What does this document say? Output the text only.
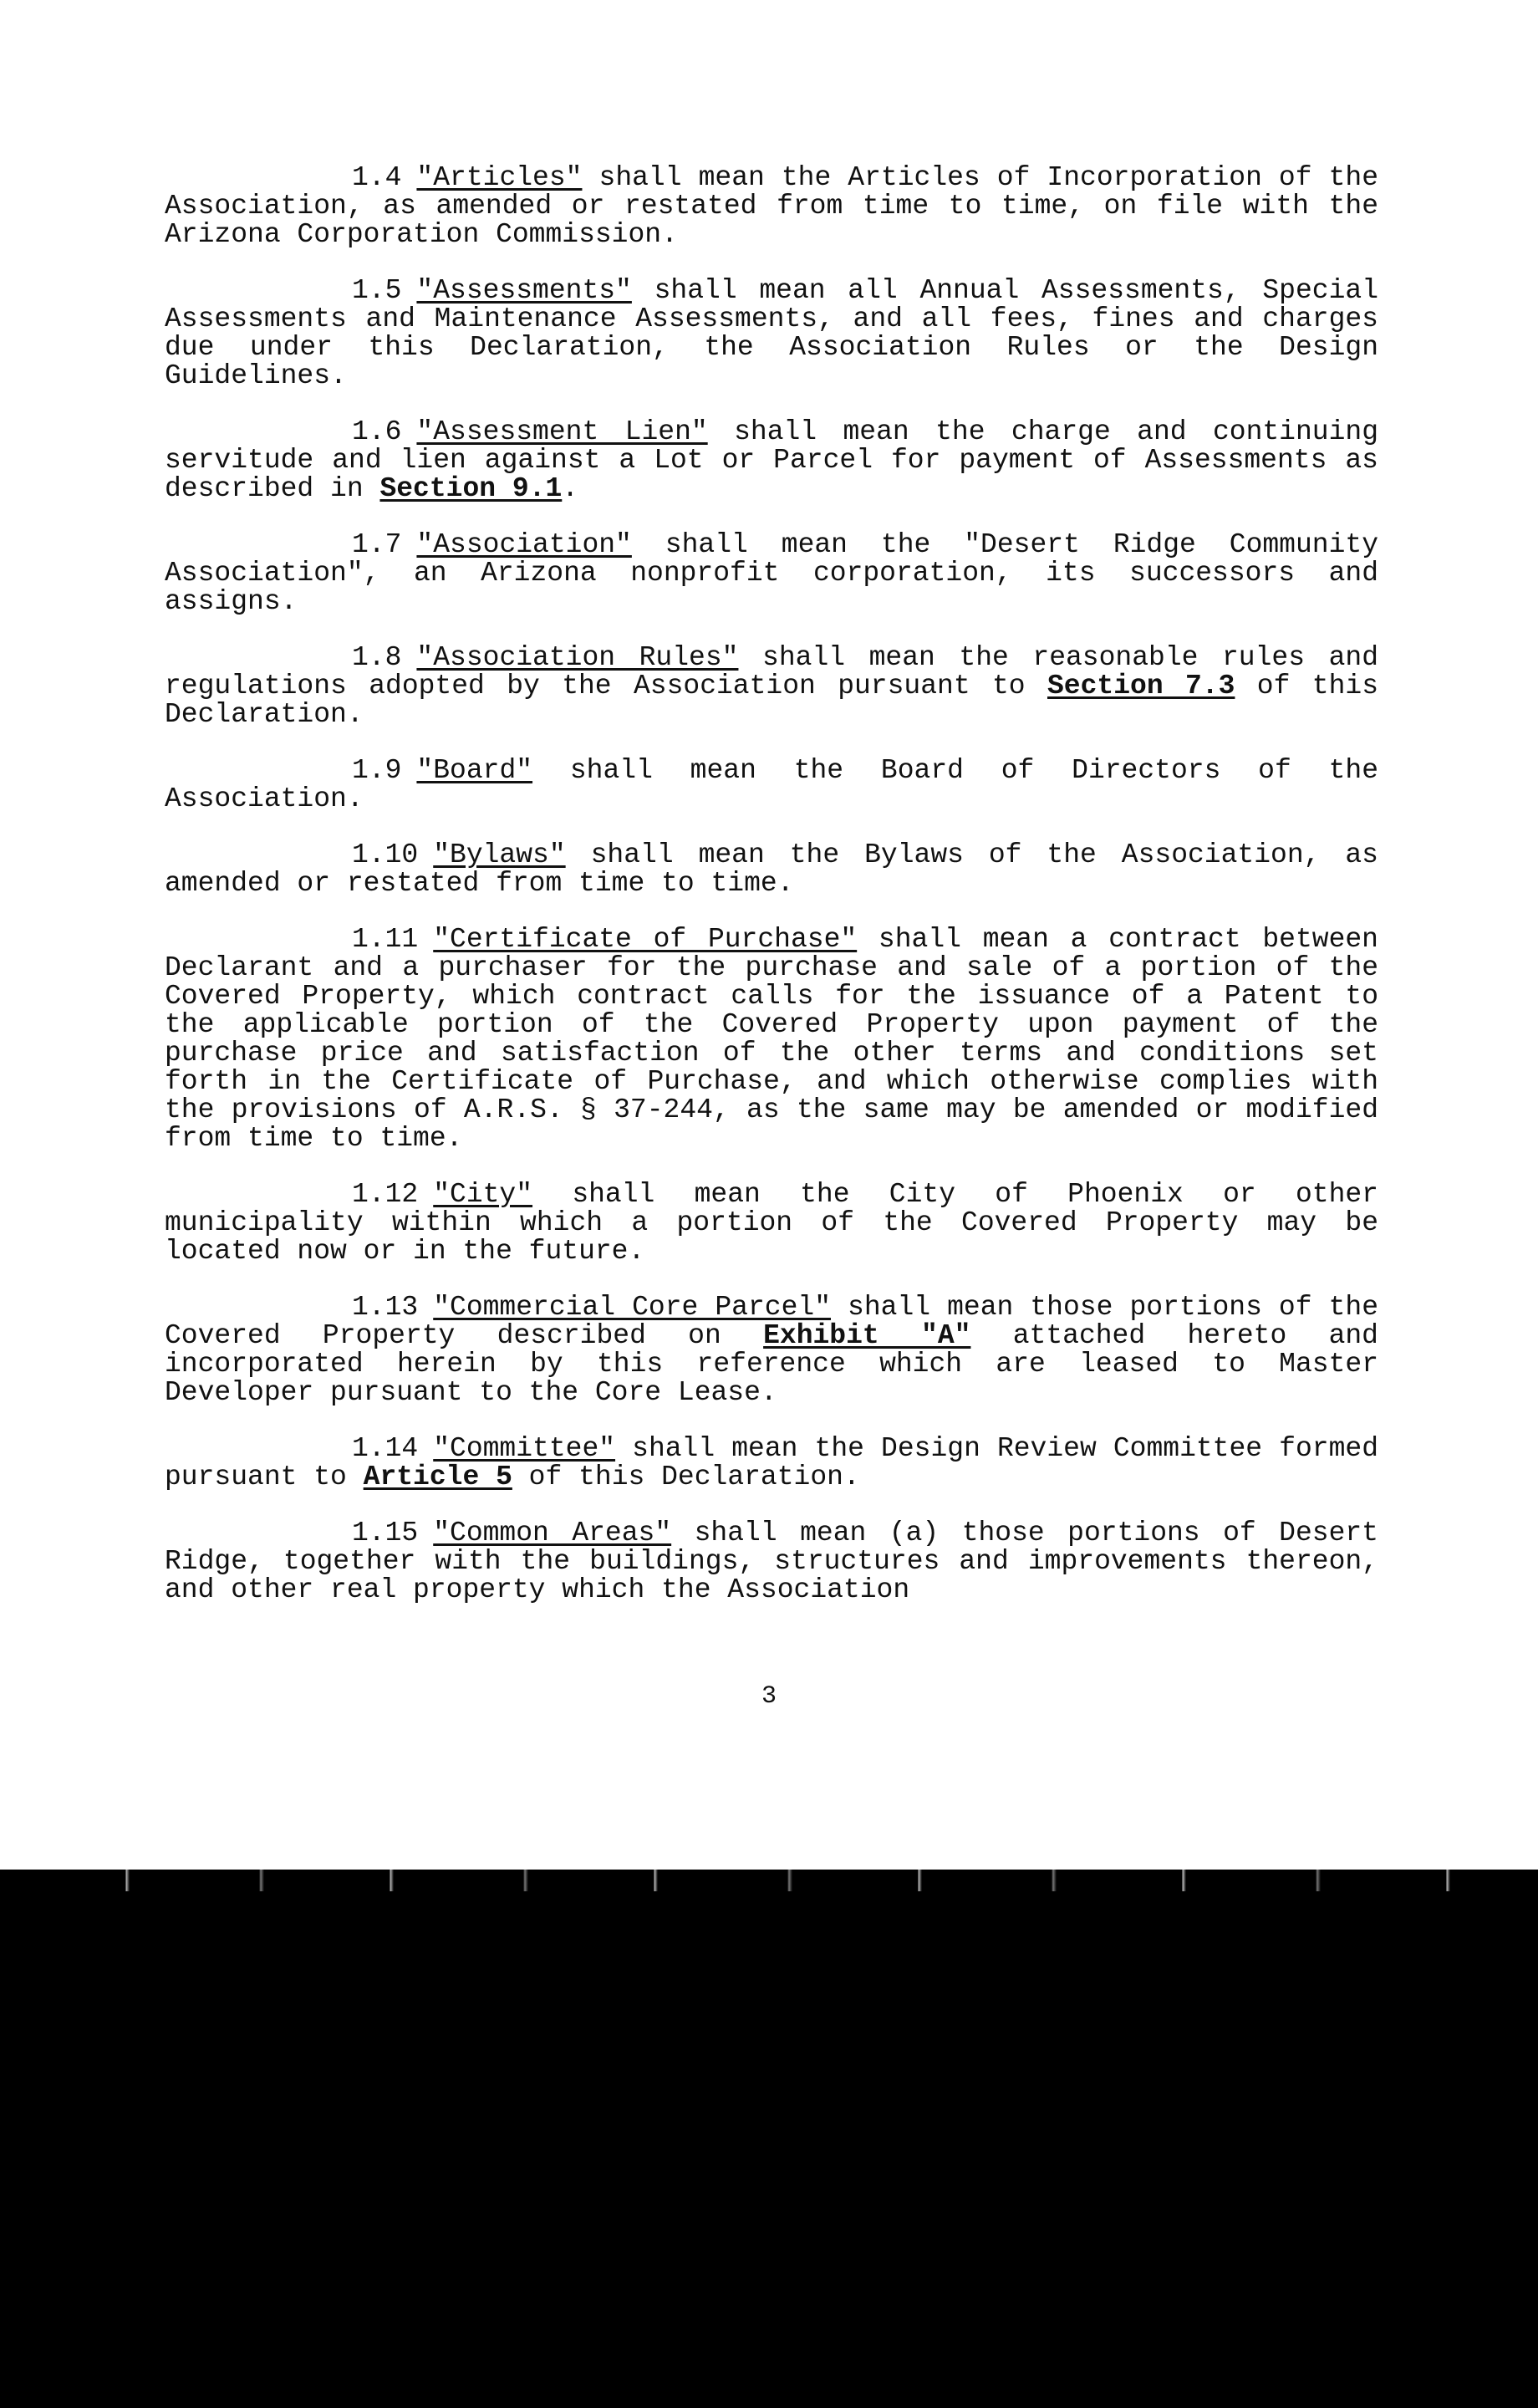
1.4 "Articles" shall mean the Articles of Incorporation of the Association, as amended or restated from time to time, on file with the Arizona Corporation Commission.

1.5 "Assessments" shall mean all Annual Assessments, Special Assessments and Maintenance Assessments, and all fees, fines and charges due under this Declaration, the Association Rules or the Design Guidelines.

1.6 "Assessment Lien" shall mean the charge and continuing servitude and lien against a Lot or Parcel for payment of Assessments as described in Section 9.1.

1.7 "Association" shall mean the "Desert Ridge Community Association", an Arizona nonprofit corporation, its successors and assigns.

1.8 "Association Rules" shall mean the reasonable rules and regulations adopted by the Association pursuant to Section 7.3 of this Declaration.

1.9 "Board" shall mean the Board of Directors of the Association.

1.10 "Bylaws" shall mean the Bylaws of the Association, as amended or restated from time to time.

1.11 "Certificate of Purchase" shall mean a contract between Declarant and a purchaser for the purchase and sale of a portion of the Covered Property, which contract calls for the issuance of a Patent to the applicable portion of the Covered Property upon payment of the purchase price and satisfaction of the other terms and conditions set forth in the Certificate of Purchase, and which otherwise complies with the provisions of A.R.S. § 37-244, as the same may be amended or modified from time to time.

1.12 "City" shall mean the City of Phoenix or other municipality within which a portion of the Covered Property may be located now or in the future.

1.13 "Commercial Core Parcel" shall mean those portions of the Covered Property described on Exhibit "A" attached hereto and incorporated herein by this reference which are leased to Master Developer pursuant to the Core Lease.

1.14 "Committee" shall mean the Design Review Committee formed pursuant to Article 5 of this Declaration.

1.15 "Common Areas" shall mean (a) those portions of Desert Ridge, together with the buildings, structures and improvements thereon, and other real property which the Association

3
